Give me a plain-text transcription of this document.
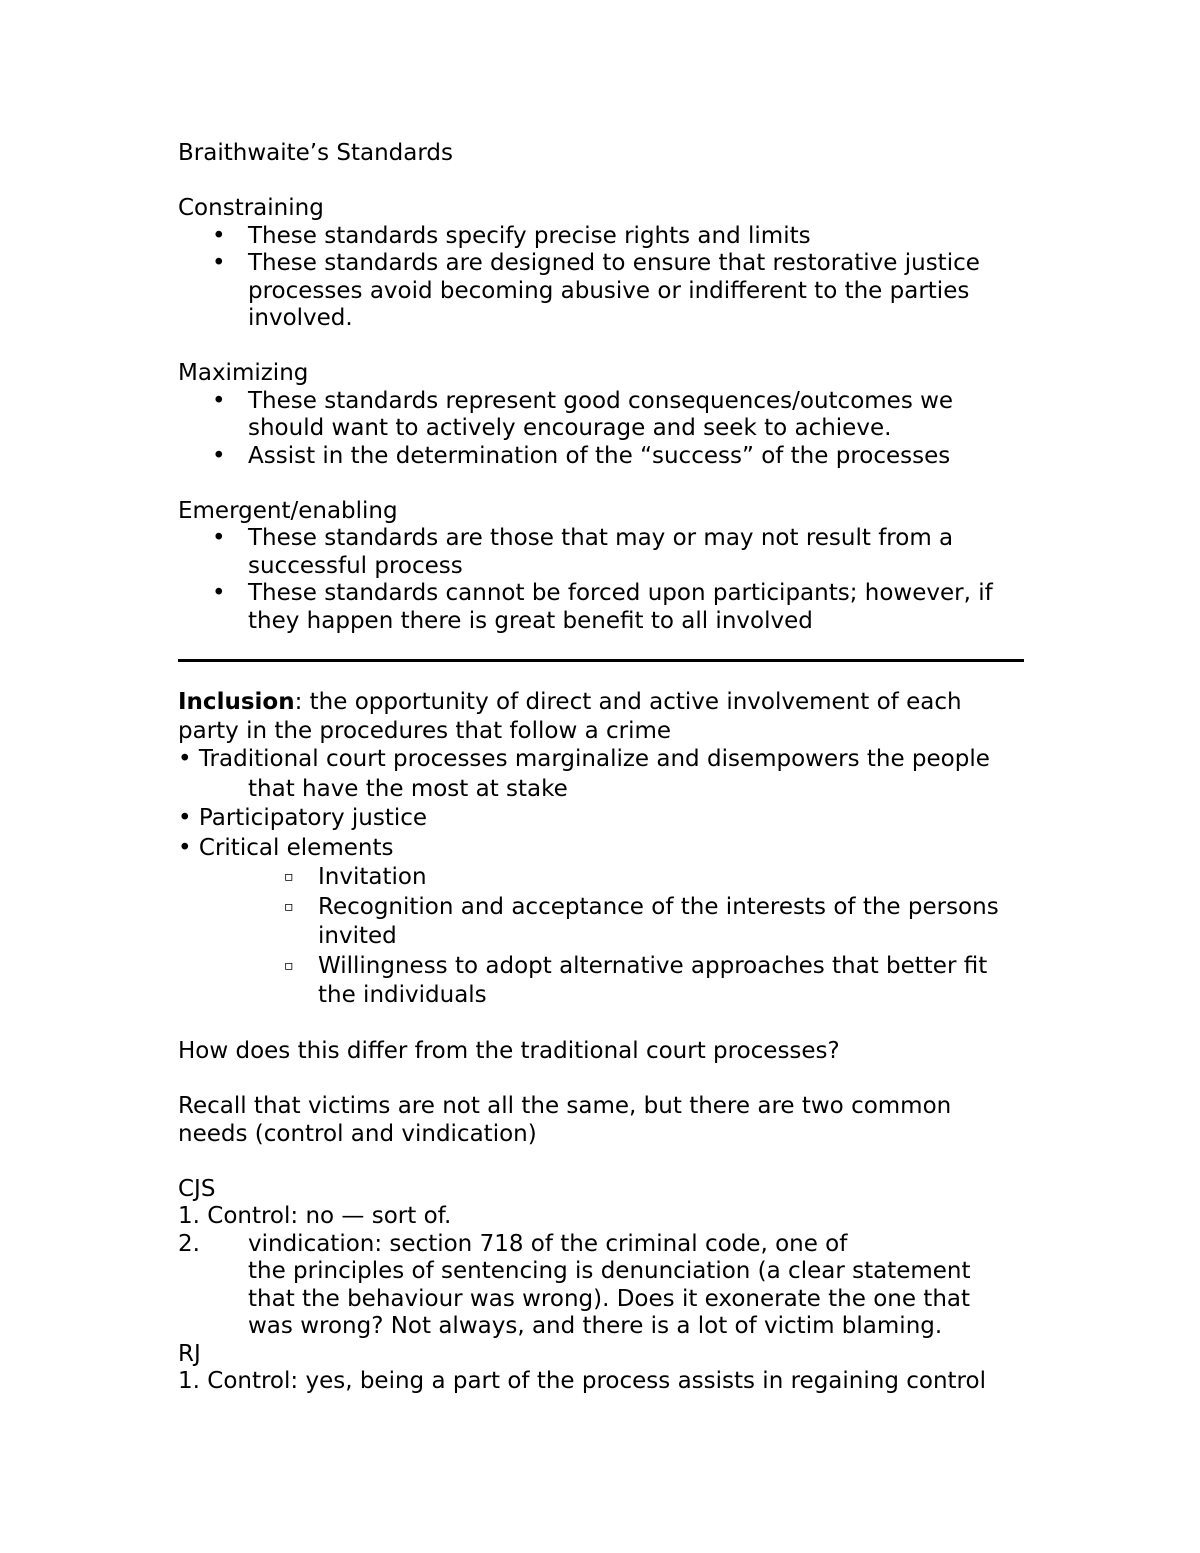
Braithwaite’s Standards
Constraining
• These standards specify precise rights and limits
• These standards are designed to ensure that restorative justice
processes avoid becoming abusive or indifferent to the parties
involved.
Maximizing
• These standards represent good consequences/outcomes we
should want to actively encourage and seek to achieve.
• Assist in the determination of the “success” of the processes
Emergent/enabling
• These standards are those that may or may not result from a
successful process
• These standards cannot be forced upon participants; however, if
they happen there is great benefit to all involved
Inclusion: the opportunity of direct and active involvement of each
party in the procedures that follow a crime
• Traditional court processes marginalize and disempowers the people
that have the most at stake
• Participatory justice
• Critical elements
▫ Invitation
▫ Recognition and acceptance of the interests of the persons
invited
▫ Willingness to adopt alternative approaches that better fit
the individuals
How does this differ from the traditional court processes?
Recall that victims are not all the same, but there are two common
needs (control and vindication)
CJS
1. Control: no — sort of.
2. vindication: section 718 of the criminal code, one of
the principles of sentencing is denunciation (a clear statement
that the behaviour was wrong). Does it exonerate the one that
was wrong? Not always, and there is a lot of victim blaming.
RJ
1. Control: yes, being a part of the process assists in regaining control
